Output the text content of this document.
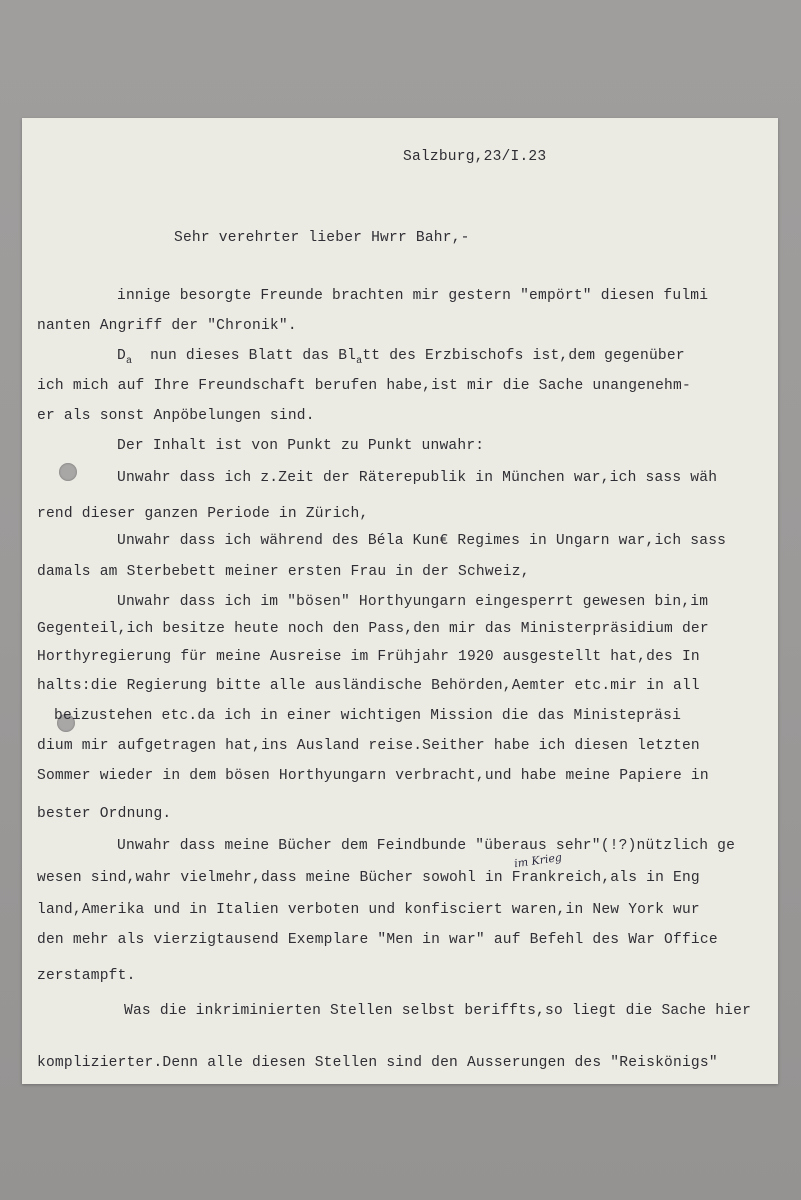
Salzburg,23/I.23
Sehr verehrter lieber Hwrr Bahr,-
innige besorgte Freunde brachten mir gestern "empört" diesen fulmi
nanten Angriff der "Chronik".
$D_a$ nun dieses Blatt das $Bl_att$ des Erzbischofs ist,dem gegenüber
ich mich auf Ihre Freundschaft berufen habe,ist mir die Sache unangenehm-
er als sonst Anpöbelungen sind.
Der Inhalt ist von Punkt zu Punkt unwahr:
Unwahr dass ich z.Zeit der Räterepublik in München war,ich sass wäh
rend dieser ganzen Periode in Zürich,
Unwahr dass ich während des Béla Kun€ Regimes in Ungarn war,ich sass
damals am Sterbebett meiner ersten Frau in der Schweiz,
Unwahr dass ich im "bösen" Horthyungarn eingesperrt gewesen bin,im
Gegenteil,ich besitze heute noch den Pass,den mir das Ministerpräsidium der
Horthyregierung für meine Ausreise im Frühjahr 1920 ausgestellt hat,des In
halts:die Regierung bitte alle ausländische Behörden,Aemter etc.mir in all
beizustehen etc.da ich in einer wichtigen Mission die das Ministepräsi
dium mir aufgetragen hat,ins Ausland reise.Seither habe ich diesen letzten
Sommer wieder in dem bösen Horthyungarn verbracht,und habe meine Papiere in
bester Ordnung.
Unwahr dass meine Bücher dem Feindbunde "überaus sehr"(!?)nützlich ge
im Krieg
wesen sind,wahr vielmehr,dass meine Bücher sowohl in Frankreich,als in Eng
land,Amerika und in Italien verboten und konfisciert waren,in New York wur
den mehr als vierzigtausend Exemplare "Men in war" auf Befehl des War Office
zerstampft.
Was die inkriminierten Stellen selbst beriffts,so liegt die Sache hier
komplizierter.Denn alle diesen Stellen sind den Ausserungen des "Reiskönigs"
